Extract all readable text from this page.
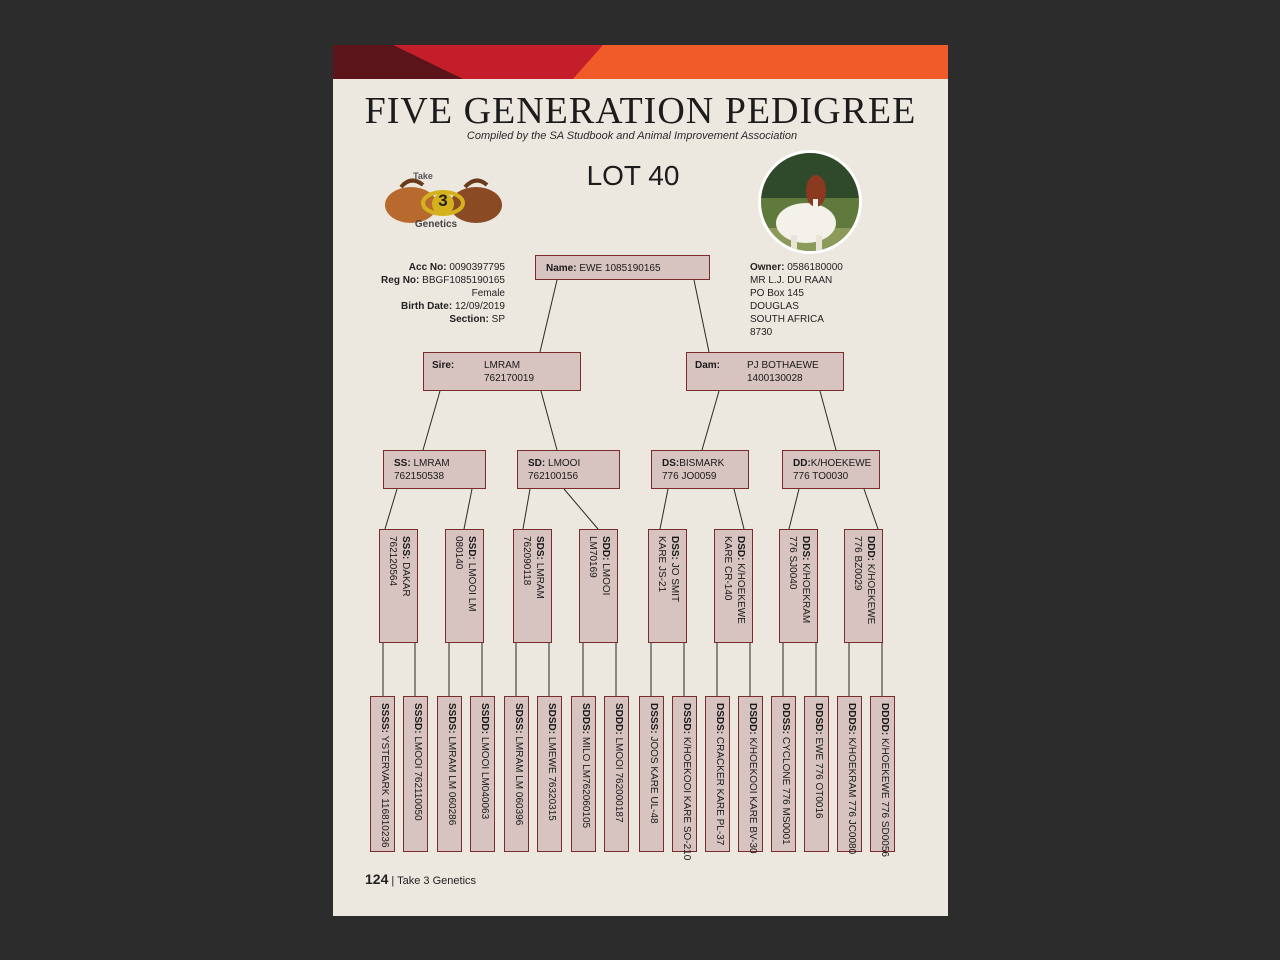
FIVE GENERATION PEDIGREE
Compiled by the SA Studbook and Animal Improvement Association
LOT 40
3
Take
Genetics
Acc No: 0090397795
Reg No: BBGF1085190165
Female
Birth Date: 12/09/2019
Section: SP
Owner: 0586180000
MR L.J. DU RAAN
PO Box 145
DOUGLAS
SOUTH AFRICA
8730
Name: EWE 1085190165
Sire:	LMRAM
762170019
Dam:	PJ BOTHAEWE
1400130028
SS: LMRAM
762150538
SD: LMOOI
762100156
DS:BISMARK
776 JO0059
DD:K/HOEKEWE
776 TO0030
SSS: DAKAR
762120564	SSD: LMOOI LM
080140	SDS: LMRAM
762090118	SDD: LMOOI
LM70169	DSS: JO SMIT
KARE JS-21	DSD: K/HOEKEWE
KARE CR-140	DDS: K/HOEKRAM
776 SJ0040	DDD: K/HOEKEWE
776 BZ0029
SSSS: YSTERVARK 116810236
SSSD: LMOOI 762110050
SSDS: LMRAM LM 060286
SSDD: LMOOI LM040063
SDSS: LMRAM LM 060396
SDSD: LMEWE 76320315
SDDS: MILO LM762060105
SDDD: LMOOI 762000187
DSSS: JOOS KARE UL-48
DSSD: K/HOEKOOI KARE SO-210
DSDS: CRACKER KARE PL-37
DSDD: K/HOEKOOI KARE BV-30
DDSS: CYCLONE 776 MS0001
DDSD: EWE 776 OT0016
DDDS: K/HOEKRAM 776 JC0080
DDDD: K/HOEKEWE 776 SD0056
124 | Take 3 Genetics
